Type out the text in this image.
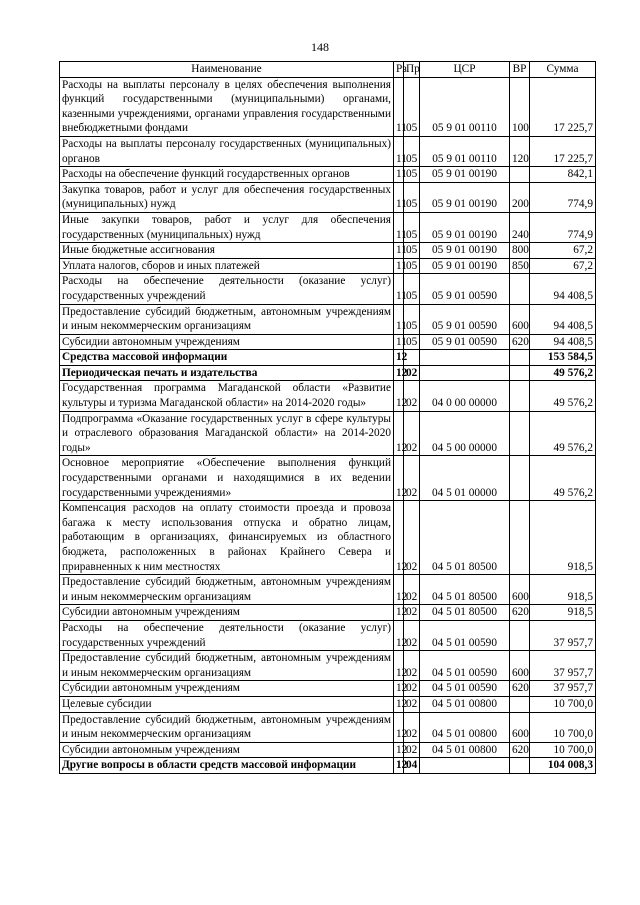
148
Наименование	Рз	Пр	ЦСР	ВР	Сумма
Расходы на выплаты персоналу в целях обеспечения выполнения функций государственными (муниципальными) органами, казенными учреждениями, органами управления государственными внебюджетными фондами	11	05	05 9 01 00110	100	17 225,7
Расходы на выплаты персоналу государственных (муниципальных) органов	11	05	05 9 01 00110	120	17 225,7
Расходы на обеспечение функций государственных органов	11	05	05 9 01 00190		842,1
Закупка товаров, работ и услуг для обеспечения государственных (муниципальных) нужд	11	05	05 9 01 00190	200	774,9
Иные закупки товаров, работ и услуг для обеспечения государственных (муниципальных) нужд	11	05	05 9 01 00190	240	774,9
Иные бюджетные ассигнования	11	05	05 9 01 00190	800	67,2
Уплата налогов, сборов и иных платежей	11	05	05 9 01 00190	850	67,2
Расходы на обеспечение деятельности (оказание услуг) государственных учреждений	11	05	05 9 01 00590		94 408,5
Предоставление субсидий бюджетным, автономным учреждениям и иным некоммерческим организациям	11	05	05 9 01 00590	600	94 408,5
Субсидии автономным учреждениям	11	05	05 9 01 00590	620	94 408,5
Средства массовой информации	12				153 584,5
Периодическая печать и издательства	12	02			49 576,2
Государственная программа Магаданской области «Развитие культуры и туризма Магаданской области» на 2014-2020 годы»	12	02	04 0 00 00000		49 576,2
Подпрограмма «Оказание государственных услуг в сфере культуры и отраслевого образования Магаданской области» на 2014-2020 годы»	12	02	04 5 00 00000		49 576,2
Основное мероприятие «Обеспечение выполнения функций государственными органами и находящимися в их ведении государственными учреждениями»	12	02	04 5 01 00000		49 576,2
Компенсация расходов на оплату стоимости проезда и провоза багажа к месту использования отпуска и обратно лицам, работающим в организациях, финансируемых из областного бюджета, расположенных в районах Крайнего Севера и приравненных к ним местностях	12	02	04 5 01 80500		918,5
Предоставление субсидий бюджетным, автономным учреждениям и иным некоммерческим организациям	12	02	04 5 01 80500	600	918,5
Субсидии автономным учреждениям	12	02	04 5 01 80500	620	918,5
Расходы на обеспечение деятельности (оказание услуг) государственных учреждений	12	02	04 5 01 00590		37 957,7
Предоставление субсидий бюджетным, автономным учреждениям и иным некоммерческим организациям	12	02	04 5 01 00590	600	37 957,7
Субсидии автономным учреждениям	12	02	04 5 01 00590	620	37 957,7
Целевые субсидии	12	02	04 5 01 00800		10 700,0
Предоставление субсидий бюджетным, автономным учреждениям и иным некоммерческим организациям	12	02	04 5 01 00800	600	10 700,0
Субсидии автономным учреждениям	12	02	04 5 01 00800	620	10 700,0
Другие вопросы в области средств массовой информации	12	04			104 008,3
